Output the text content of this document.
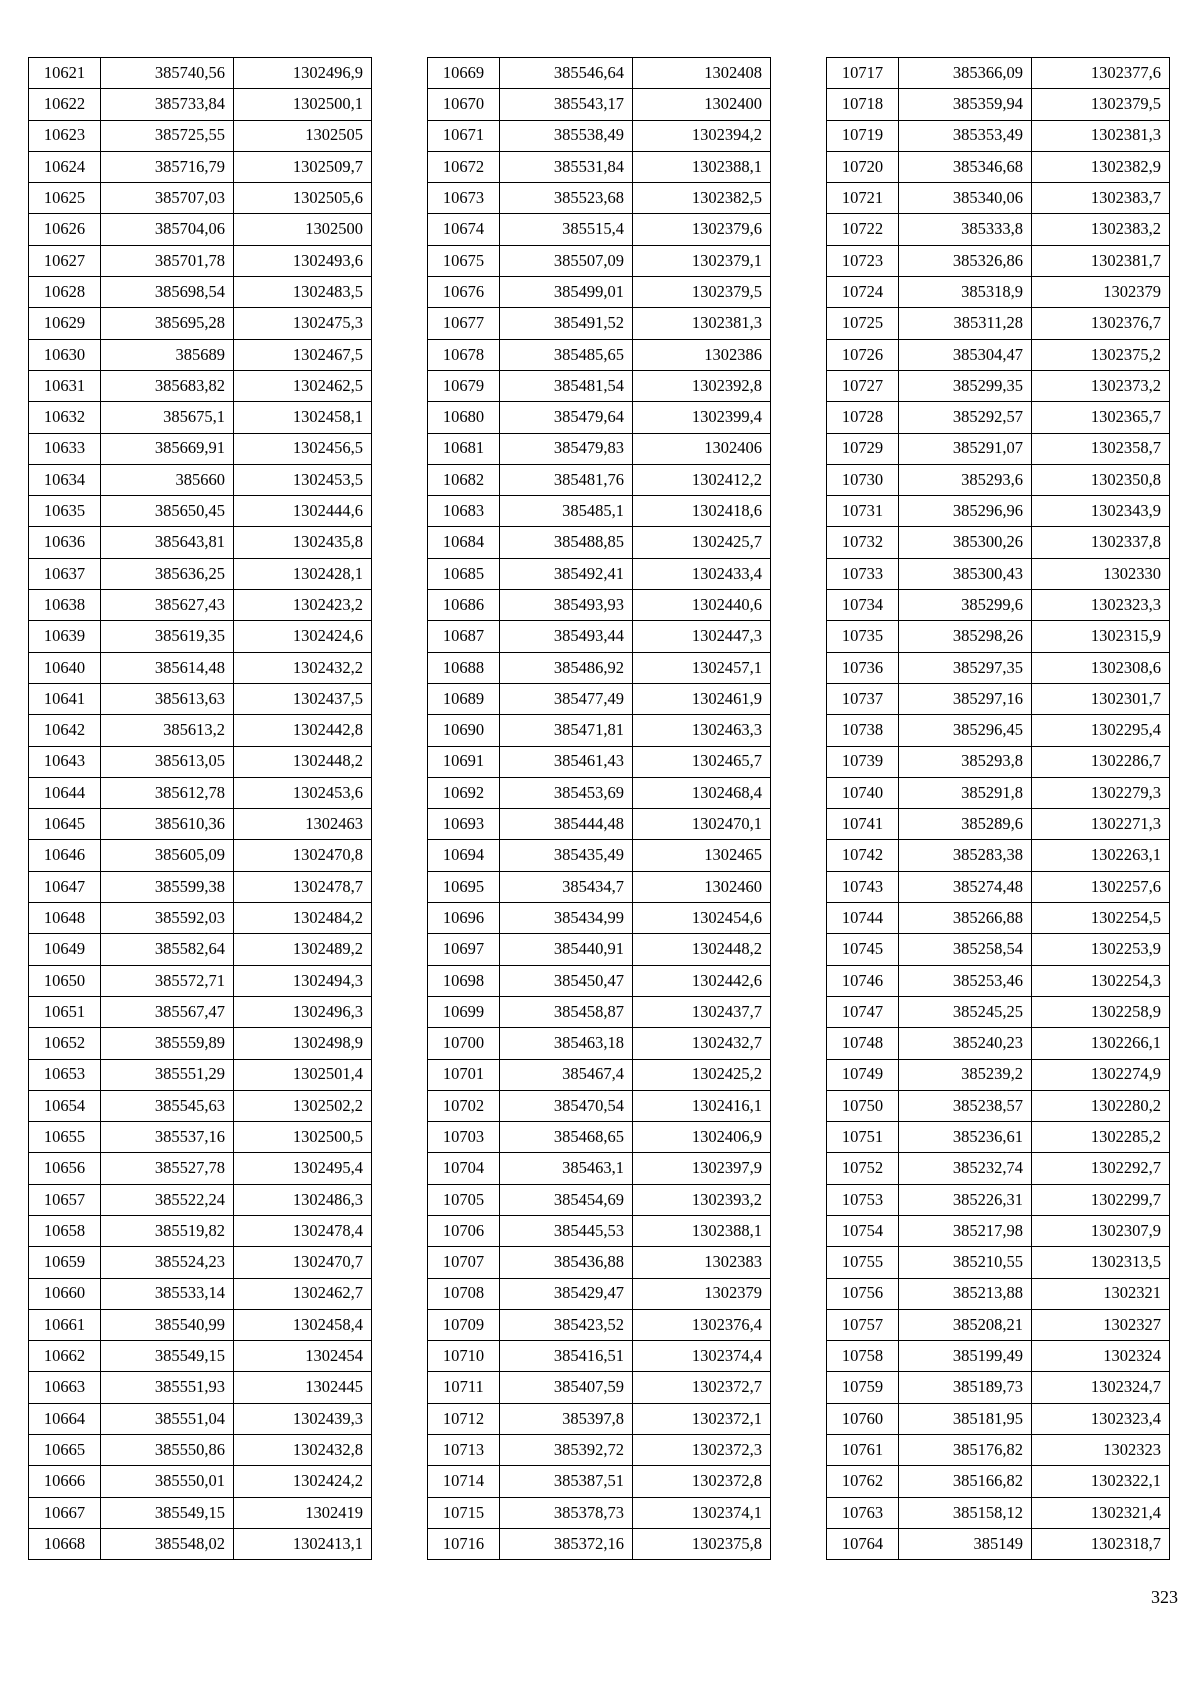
10621	385740,56	1302496,9
10622	385733,84	1302500,1
10623	385725,55	1302505
10624	385716,79	1302509,7
10625	385707,03	1302505,6
10626	385704,06	1302500
10627	385701,78	1302493,6
10628	385698,54	1302483,5
10629	385695,28	1302475,3
10630	385689	1302467,5
10631	385683,82	1302462,5
10632	385675,1	1302458,1
10633	385669,91	1302456,5
10634	385660	1302453,5
10635	385650,45	1302444,6
10636	385643,81	1302435,8
10637	385636,25	1302428,1
10638	385627,43	1302423,2
10639	385619,35	1302424,6
10640	385614,48	1302432,2
10641	385613,63	1302437,5
10642	385613,2	1302442,8
10643	385613,05	1302448,2
10644	385612,78	1302453,6
10645	385610,36	1302463
10646	385605,09	1302470,8
10647	385599,38	1302478,7
10648	385592,03	1302484,2
10649	385582,64	1302489,2
10650	385572,71	1302494,3
10651	385567,47	1302496,3
10652	385559,89	1302498,9
10653	385551,29	1302501,4
10654	385545,63	1302502,2
10655	385537,16	1302500,5
10656	385527,78	1302495,4
10657	385522,24	1302486,3
10658	385519,82	1302478,4
10659	385524,23	1302470,7
10660	385533,14	1302462,7
10661	385540,99	1302458,4
10662	385549,15	1302454
10663	385551,93	1302445
10664	385551,04	1302439,3
10665	385550,86	1302432,8
10666	385550,01	1302424,2
10667	385549,15	1302419
10668	385548,02	1302413,1
10669	385546,64	1302408
10670	385543,17	1302400
10671	385538,49	1302394,2
10672	385531,84	1302388,1
10673	385523,68	1302382,5
10674	385515,4	1302379,6
10675	385507,09	1302379,1
10676	385499,01	1302379,5
10677	385491,52	1302381,3
10678	385485,65	1302386
10679	385481,54	1302392,8
10680	385479,64	1302399,4
10681	385479,83	1302406
10682	385481,76	1302412,2
10683	385485,1	1302418,6
10684	385488,85	1302425,7
10685	385492,41	1302433,4
10686	385493,93	1302440,6
10687	385493,44	1302447,3
10688	385486,92	1302457,1
10689	385477,49	1302461,9
10690	385471,81	1302463,3
10691	385461,43	1302465,7
10692	385453,69	1302468,4
10693	385444,48	1302470,1
10694	385435,49	1302465
10695	385434,7	1302460
10696	385434,99	1302454,6
10697	385440,91	1302448,2
10698	385450,47	1302442,6
10699	385458,87	1302437,7
10700	385463,18	1302432,7
10701	385467,4	1302425,2
10702	385470,54	1302416,1
10703	385468,65	1302406,9
10704	385463,1	1302397,9
10705	385454,69	1302393,2
10706	385445,53	1302388,1
10707	385436,88	1302383
10708	385429,47	1302379
10709	385423,52	1302376,4
10710	385416,51	1302374,4
10711	385407,59	1302372,7
10712	385397,8	1302372,1
10713	385392,72	1302372,3
10714	385387,51	1302372,8
10715	385378,73	1302374,1
10716	385372,16	1302375,8
10717	385366,09	1302377,6
10718	385359,94	1302379,5
10719	385353,49	1302381,3
10720	385346,68	1302382,9
10721	385340,06	1302383,7
10722	385333,8	1302383,2
10723	385326,86	1302381,7
10724	385318,9	1302379
10725	385311,28	1302376,7
10726	385304,47	1302375,2
10727	385299,35	1302373,2
10728	385292,57	1302365,7
10729	385291,07	1302358,7
10730	385293,6	1302350,8
10731	385296,96	1302343,9
10732	385300,26	1302337,8
10733	385300,43	1302330
10734	385299,6	1302323,3
10735	385298,26	1302315,9
10736	385297,35	1302308,6
10737	385297,16	1302301,7
10738	385296,45	1302295,4
10739	385293,8	1302286,7
10740	385291,8	1302279,3
10741	385289,6	1302271,3
10742	385283,38	1302263,1
10743	385274,48	1302257,6
10744	385266,88	1302254,5
10745	385258,54	1302253,9
10746	385253,46	1302254,3
10747	385245,25	1302258,9
10748	385240,23	1302266,1
10749	385239,2	1302274,9
10750	385238,57	1302280,2
10751	385236,61	1302285,2
10752	385232,74	1302292,7
10753	385226,31	1302299,7
10754	385217,98	1302307,9
10755	385210,55	1302313,5
10756	385213,88	1302321
10757	385208,21	1302327
10758	385199,49	1302324
10759	385189,73	1302324,7
10760	385181,95	1302323,4
10761	385176,82	1302323
10762	385166,82	1302322,1
10763	385158,12	1302321,4
10764	385149	1302318,7
323
